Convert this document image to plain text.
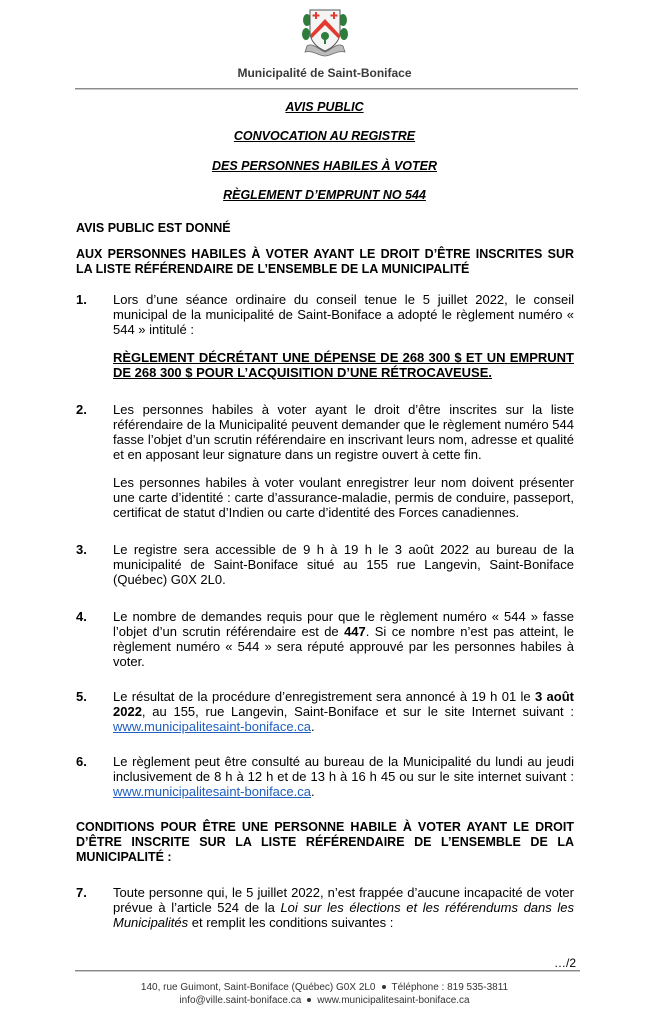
Municipalité de Saint-Boniface
AVIS PUBLIC
CONVOCATION AU REGISTRE
DES PERSONNES HABILES À VOTER
RÈGLEMENT D’EMPRUNT NO 544
AVIS PUBLIC EST DONNÉ
AUX PERSONNES HABILES À VOTER AYANT LE DROIT D’ÊTRE INSCRITES SUR LA LISTE RÉFÉRENDAIRE DE L’ENSEMBLE DE LA MUNICIPALITÉ
1. Lors d’une séance ordinaire du conseil tenue le 5 juillet 2022, le conseil municipal de la municipalité de Saint-Boniface a adopté le règlement numéro « 544 » intitulé :
RÈGLEMENT DÉCRÉTANT UNE DÉPENSE DE 268 300 $ ET UN EMPRUNT DE 268 300 $ POUR L’ACQUISITION D’UNE RÉTROCAVEUSE.
2. Les personnes habiles à voter ayant le droit d’être inscrites sur la liste référendaire de la Municipalité peuvent demander que le règlement numéro 544 fasse l’objet d’un scrutin référendaire en inscrivant leurs nom, adresse et qualité et en apposant leur signature dans un registre ouvert à cette fin.
Les personnes habiles à voter voulant enregistrer leur nom doivent présenter une carte d’identité : carte d’assurance-maladie, permis de conduire, passeport, certificat de statut d’Indien ou carte d’identité des Forces canadiennes.
3. Le registre sera accessible de 9 h à 19 h le 3 août 2022 au bureau de la municipalité de Saint-Boniface situé au 155 rue Langevin, Saint-Boniface (Québec) G0X 2L0.
4. Le nombre de demandes requis pour que le règlement numéro « 544 » fasse l’objet d’un scrutin référendaire est de 447. Si ce nombre n’est pas atteint, le règlement numéro « 544 » sera réputé approuvé par les personnes habiles à voter.
5. Le résultat de la procédure d’enregistrement sera annoncé à 19 h 01 le 3 août 2022, au 155, rue Langevin, Saint-Boniface et sur le site Internet suivant : www.municipalitesaint-boniface.ca.
6. Le règlement peut être consulté au bureau de la Municipalité du lundi au jeudi inclusivement de 8 h à 12 h et de 13 h à 16 h 45 ou sur le site internet suivant : www.municipalitesaint-boniface.ca.
CONDITIONS POUR ÊTRE UNE PERSONNE HABILE À VOTER AYANT LE DROIT D’ÊTRE INSCRITE SUR LA LISTE RÉFÉRENDAIRE DE L’ENSEMBLE DE LA MUNICIPALITÉ :
7. Toute personne qui, le 5 juillet 2022, n’est frappée d’aucune incapacité de voter prévue à l’article 524 de la Loi sur les élections et les référendums dans les Municipalités et remplit les conditions suivantes :
…/2
140, rue Guimont, Saint-Boniface (Québec) G0X 2L0 Téléphone : 819 535-3811
info@ville.saint-boniface.ca www.municipalitesaint-boniface.ca
